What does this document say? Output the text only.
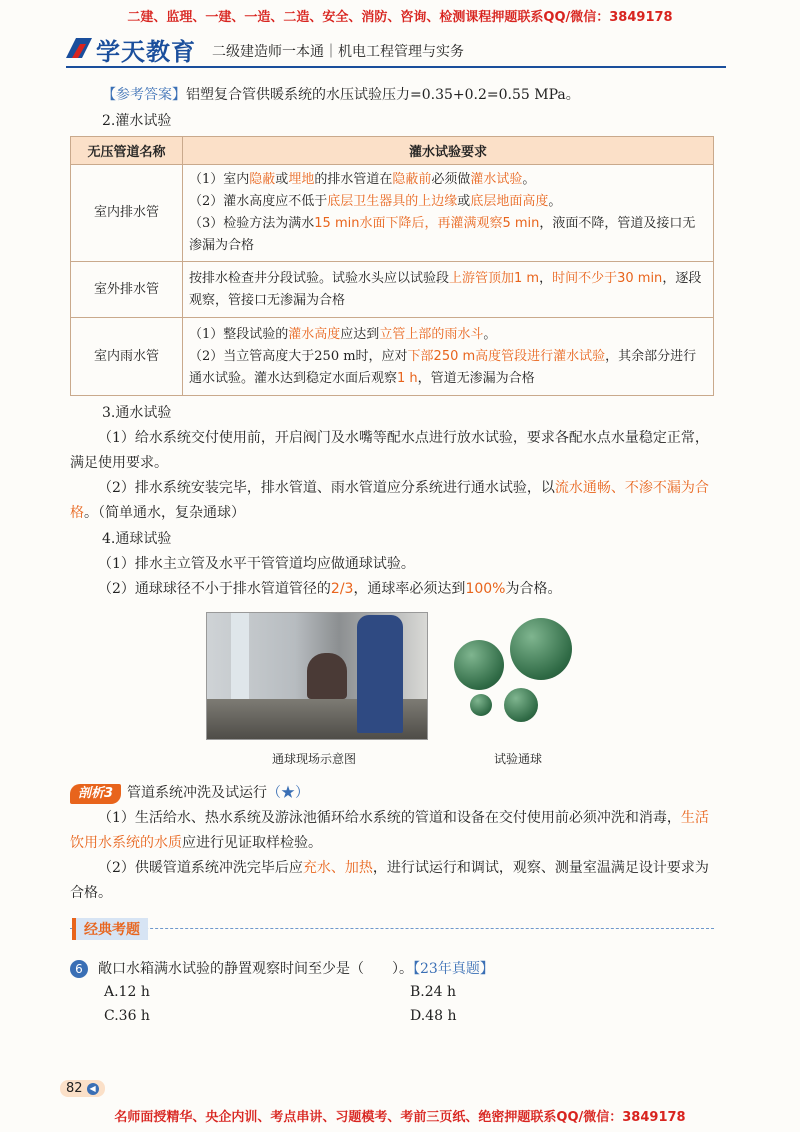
二建、监理、一建、一造、二造、安全、消防、咨询、检测课程押题联系QQ/微信：3849178
学天教育 二级建造师一本通｜机电工程管理与实务
【参考答案】铝塑复合管供暖系统的水压试验压力=0.35+0.2=0.55 MPa。
2.灌水试验
无压管道名称	灌水试验要求
室内排水管	（1）室内隐蔽或埋地的排水管道在隐蔽前必须做灌水试验。
（2）灌水高度应不低于底层卫生器具的上边缘或底层地面高度。
（3）检验方法为满水15 min水面下降后，再灌满观察5 min，液面不降，管道及接口无渗漏为合格

室外排水管	按排水检查井分段试验。试验水头应以试验段上游管顶加1 m，时间不少于30 min，逐段观察，管接口无渗漏为合格
室内雨水管	（1）整段试验的灌水高度应达到立管上部的雨水斗。
（2）当立管高度大于250 m时，应对下部250 m高度管段进行灌水试验，其余部分进行通水试验。灌水达到稳定水面后观察1 h，管道无渗漏为合格
3.通水试验

（1）给水系统交付使用前，开启阀门及水嘴等配水点进行放水试验，要求各配水点水量稳定正常，满足使用要求。

（2）排水系统安装完毕，排水管道、雨水管道应分系统进行通水试验，以流水通畅、不渗不漏为合格。（简单通水，复杂通球）

4.通球试验

（1）排水主立管及水平干管管道均应做通球试验。

（2）通球球径不小于排水管道管径的2/3，通球率必须达到100%为合格。

通球现场示意图	试验通球
剖析3 管道系统冲洗及试运行（★）

（1）生活给水、热水系统及游泳池循环给水系统的管道和设备在交付使用前必须冲洗和消毒，生活饮用水系统的水质应进行见证取样检验。

（2）供暖管道系统冲洗完毕后应充水、加热，进行试运行和调试，观察、测量室温满足设计要求为合格。

经典考题
6 敞口水箱满水试验的静置观察时间至少是（　　）。【23年真题】
A.12 h	B.24 h
C.36 h	D.48 h
82 ◀
名师面授精华、央企内训、考点串讲、习题模考、考前三页纸、绝密押题联系QQ/微信：3849178
